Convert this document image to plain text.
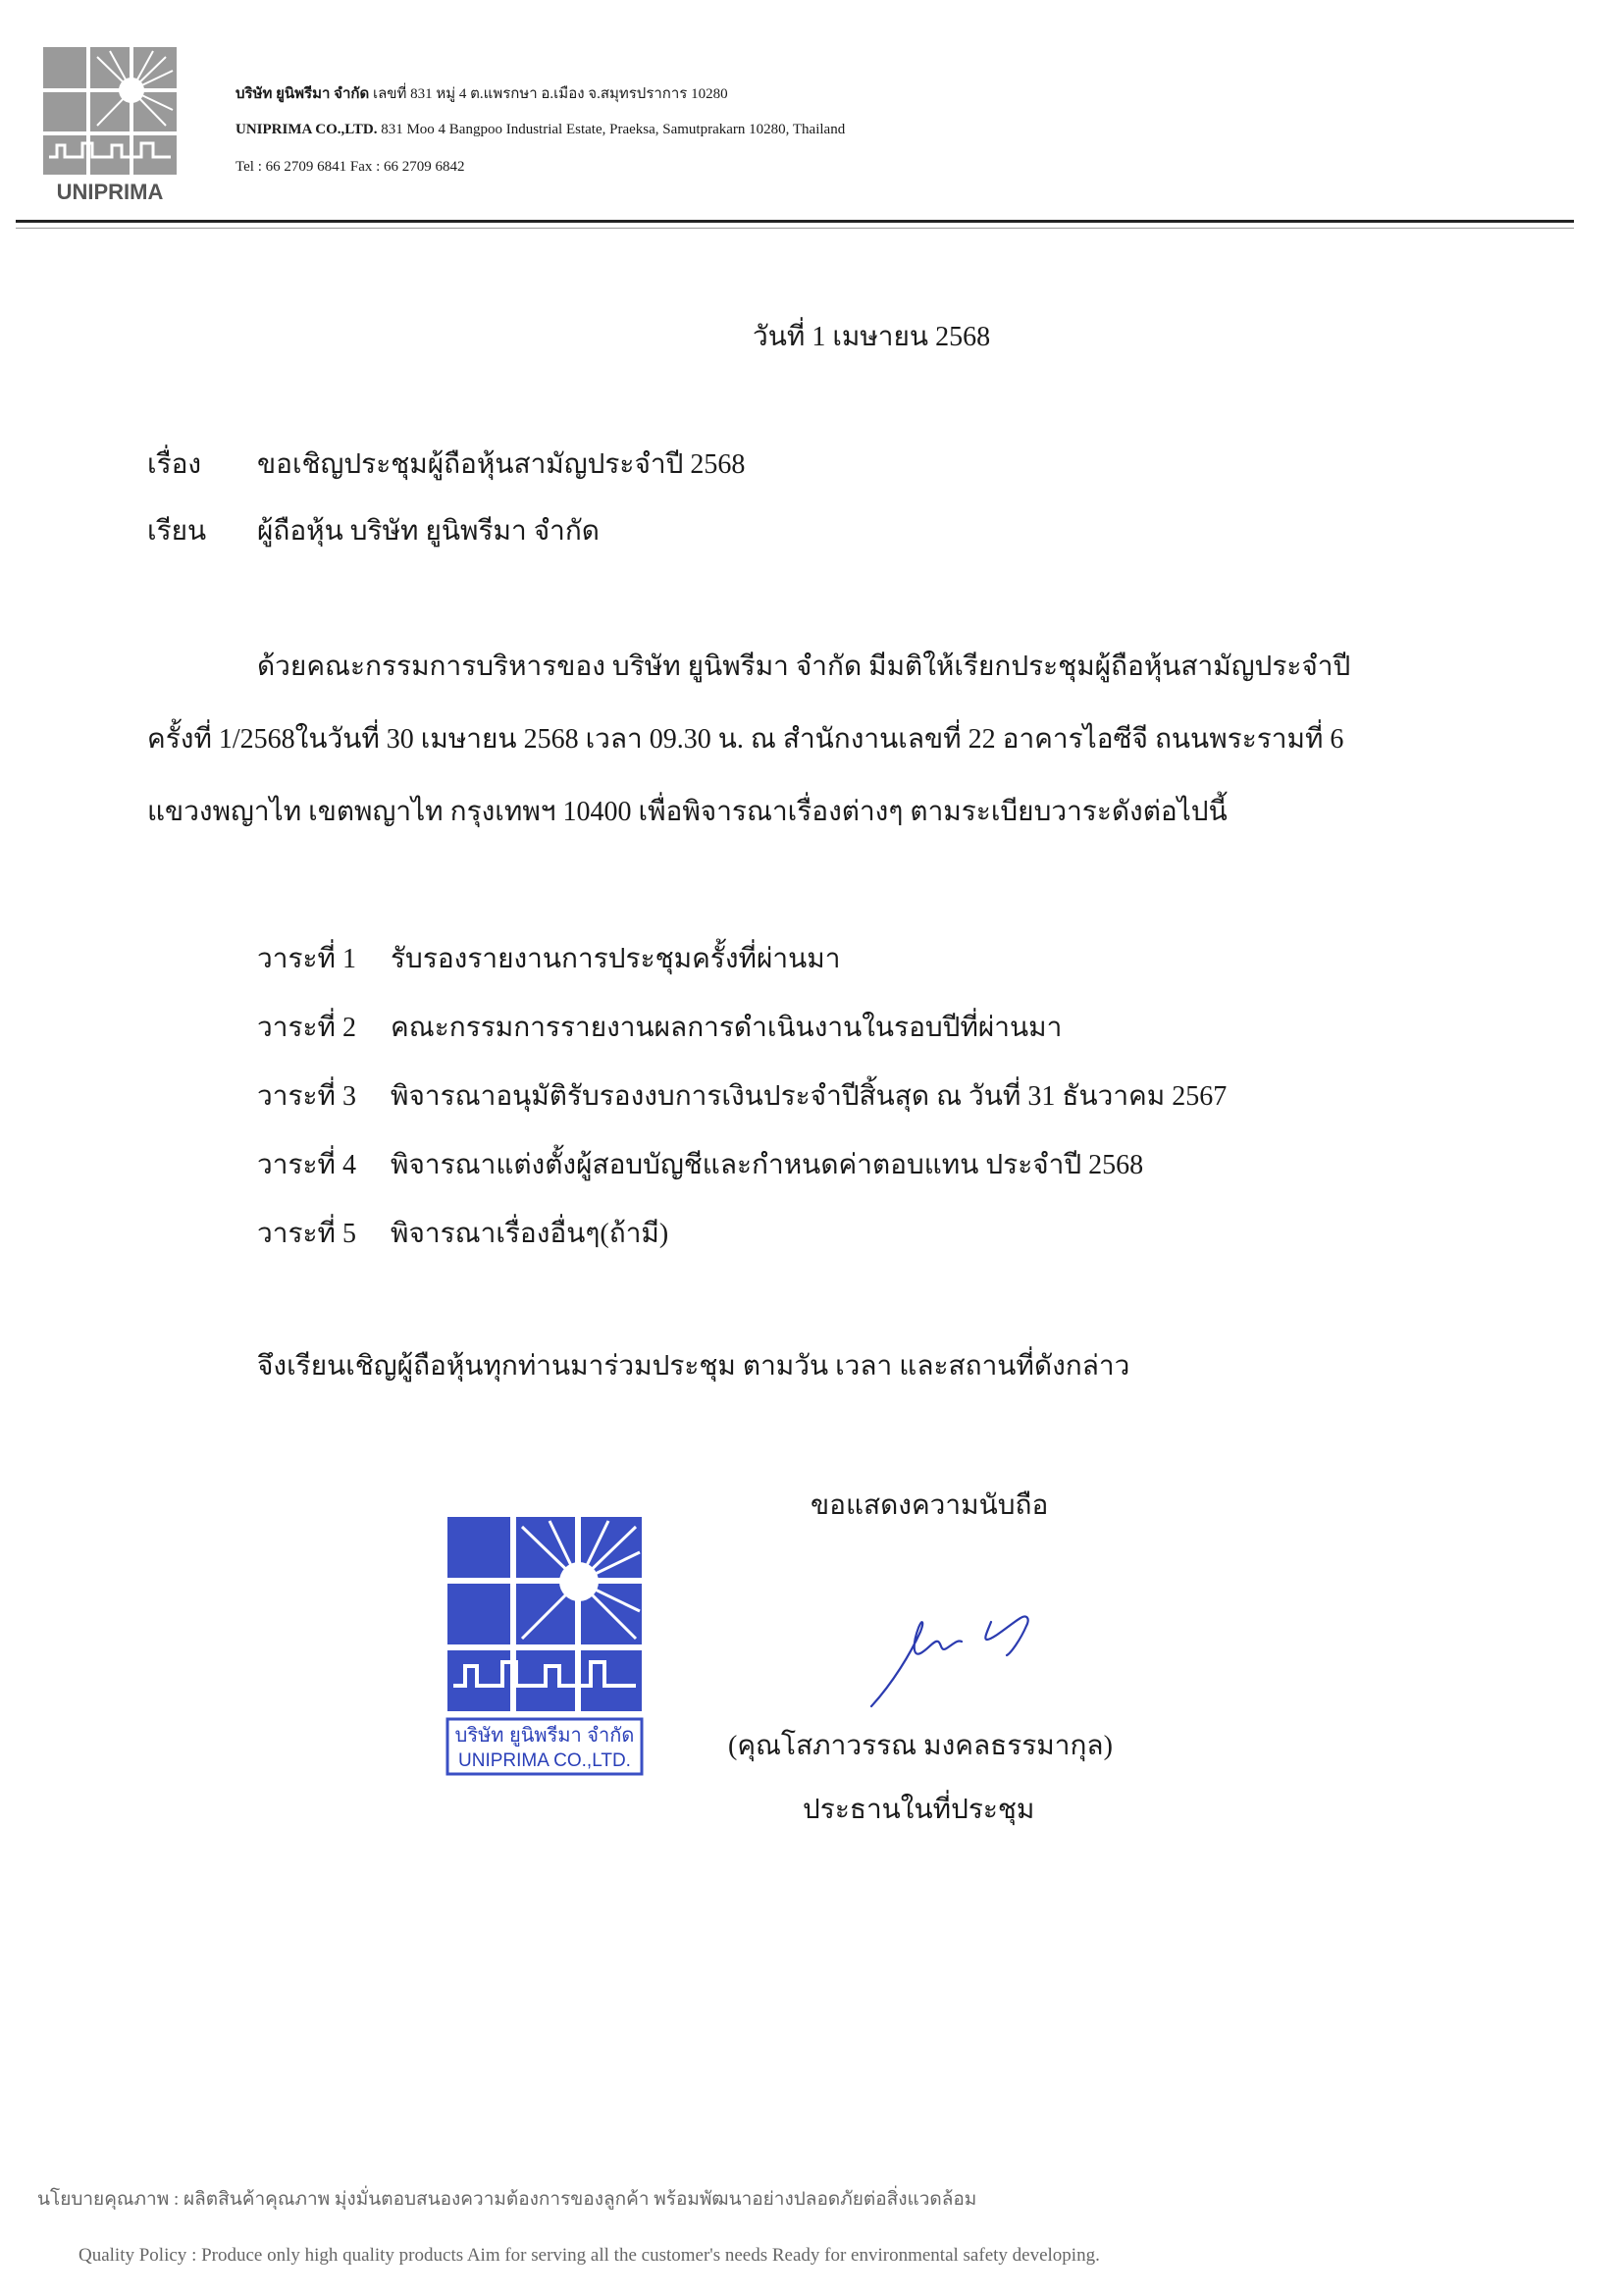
UNIPRIMA
บริษัท ยูนิพรีมา จำกัด เลขที่ 831 หมู่ 4 ต.แพรกษา อ.เมือง จ.สมุทรปราการ 10280
UNIPRIMA CO.,LTD. 831 Moo 4 Bangpoo Industrial Estate, Praeksa, Samutprakarn 10280, Thailand
Tel : 66 2709 6841 Fax : 66 2709 6842
วันที่ 1 เมษายน 2568
เรื่อง ขอเชิญประชุมผู้ถือหุ้นสามัญประจำปี 2568
เรียน ผู้ถือหุ้น บริษัท ยูนิพรีมา จำกัด
ด้วยคณะกรรมการบริหารของ บริษัท ยูนิพรีมา จำกัด มีมติให้เรียกประชุมผู้ถือหุ้นสามัญประจำปี
ครั้งที่ 1/2568ในวันที่ 30 เมษายน 2568 เวลา 09.30 น. ณ สำนักงานเลขที่ 22 อาคารไอซีจี ถนนพระรามที่ 6
แขวงพญาไท เขตพญาไท กรุงเทพฯ 10400 เพื่อพิจารณาเรื่องต่างๆ ตามระเบียบวาระดังต่อไปนี้
วาระที่ 1 รับรองรายงานการประชุมครั้งที่ผ่านมา
วาระที่ 2 คณะกรรมการรายงานผลการดำเนินงานในรอบปีที่ผ่านมา
วาระที่ 3 พิจารณาอนุมัติรับรองงบการเงินประจำปีสิ้นสุด ณ วันที่ 31 ธันวาคม 2567
วาระที่ 4 พิจารณาแต่งตั้งผู้สอบบัญชีและกำหนดค่าตอบแทน ประจำปี 2568
วาระที่ 5 พิจารณาเรื่องอื่นๆ(ถ้ามี)
จึงเรียนเชิญผู้ถือหุ้นทุกท่านมาร่วมประชุม ตามวัน เวลา และสถานที่ดังกล่าว
ขอแสดงความนับถือ
บริษัท ยูนิพรีมา จำกัด
UNIPRIMA CO.,LTD.	(คุณโสภาวรรณ มงคลธรรมากุล)
ประธานในที่ประชุม
นโยบายคุณภาพ : ผลิตสินค้าคุณภาพ มุ่งมั่นตอบสนองความต้องการของลูกค้า พร้อมพัฒนาอย่างปลอดภัยต่อสิ่งแวดล้อม
Quality Policy : Produce only high quality products Aim for serving all the customer's needs Ready for environmental safety developing.
